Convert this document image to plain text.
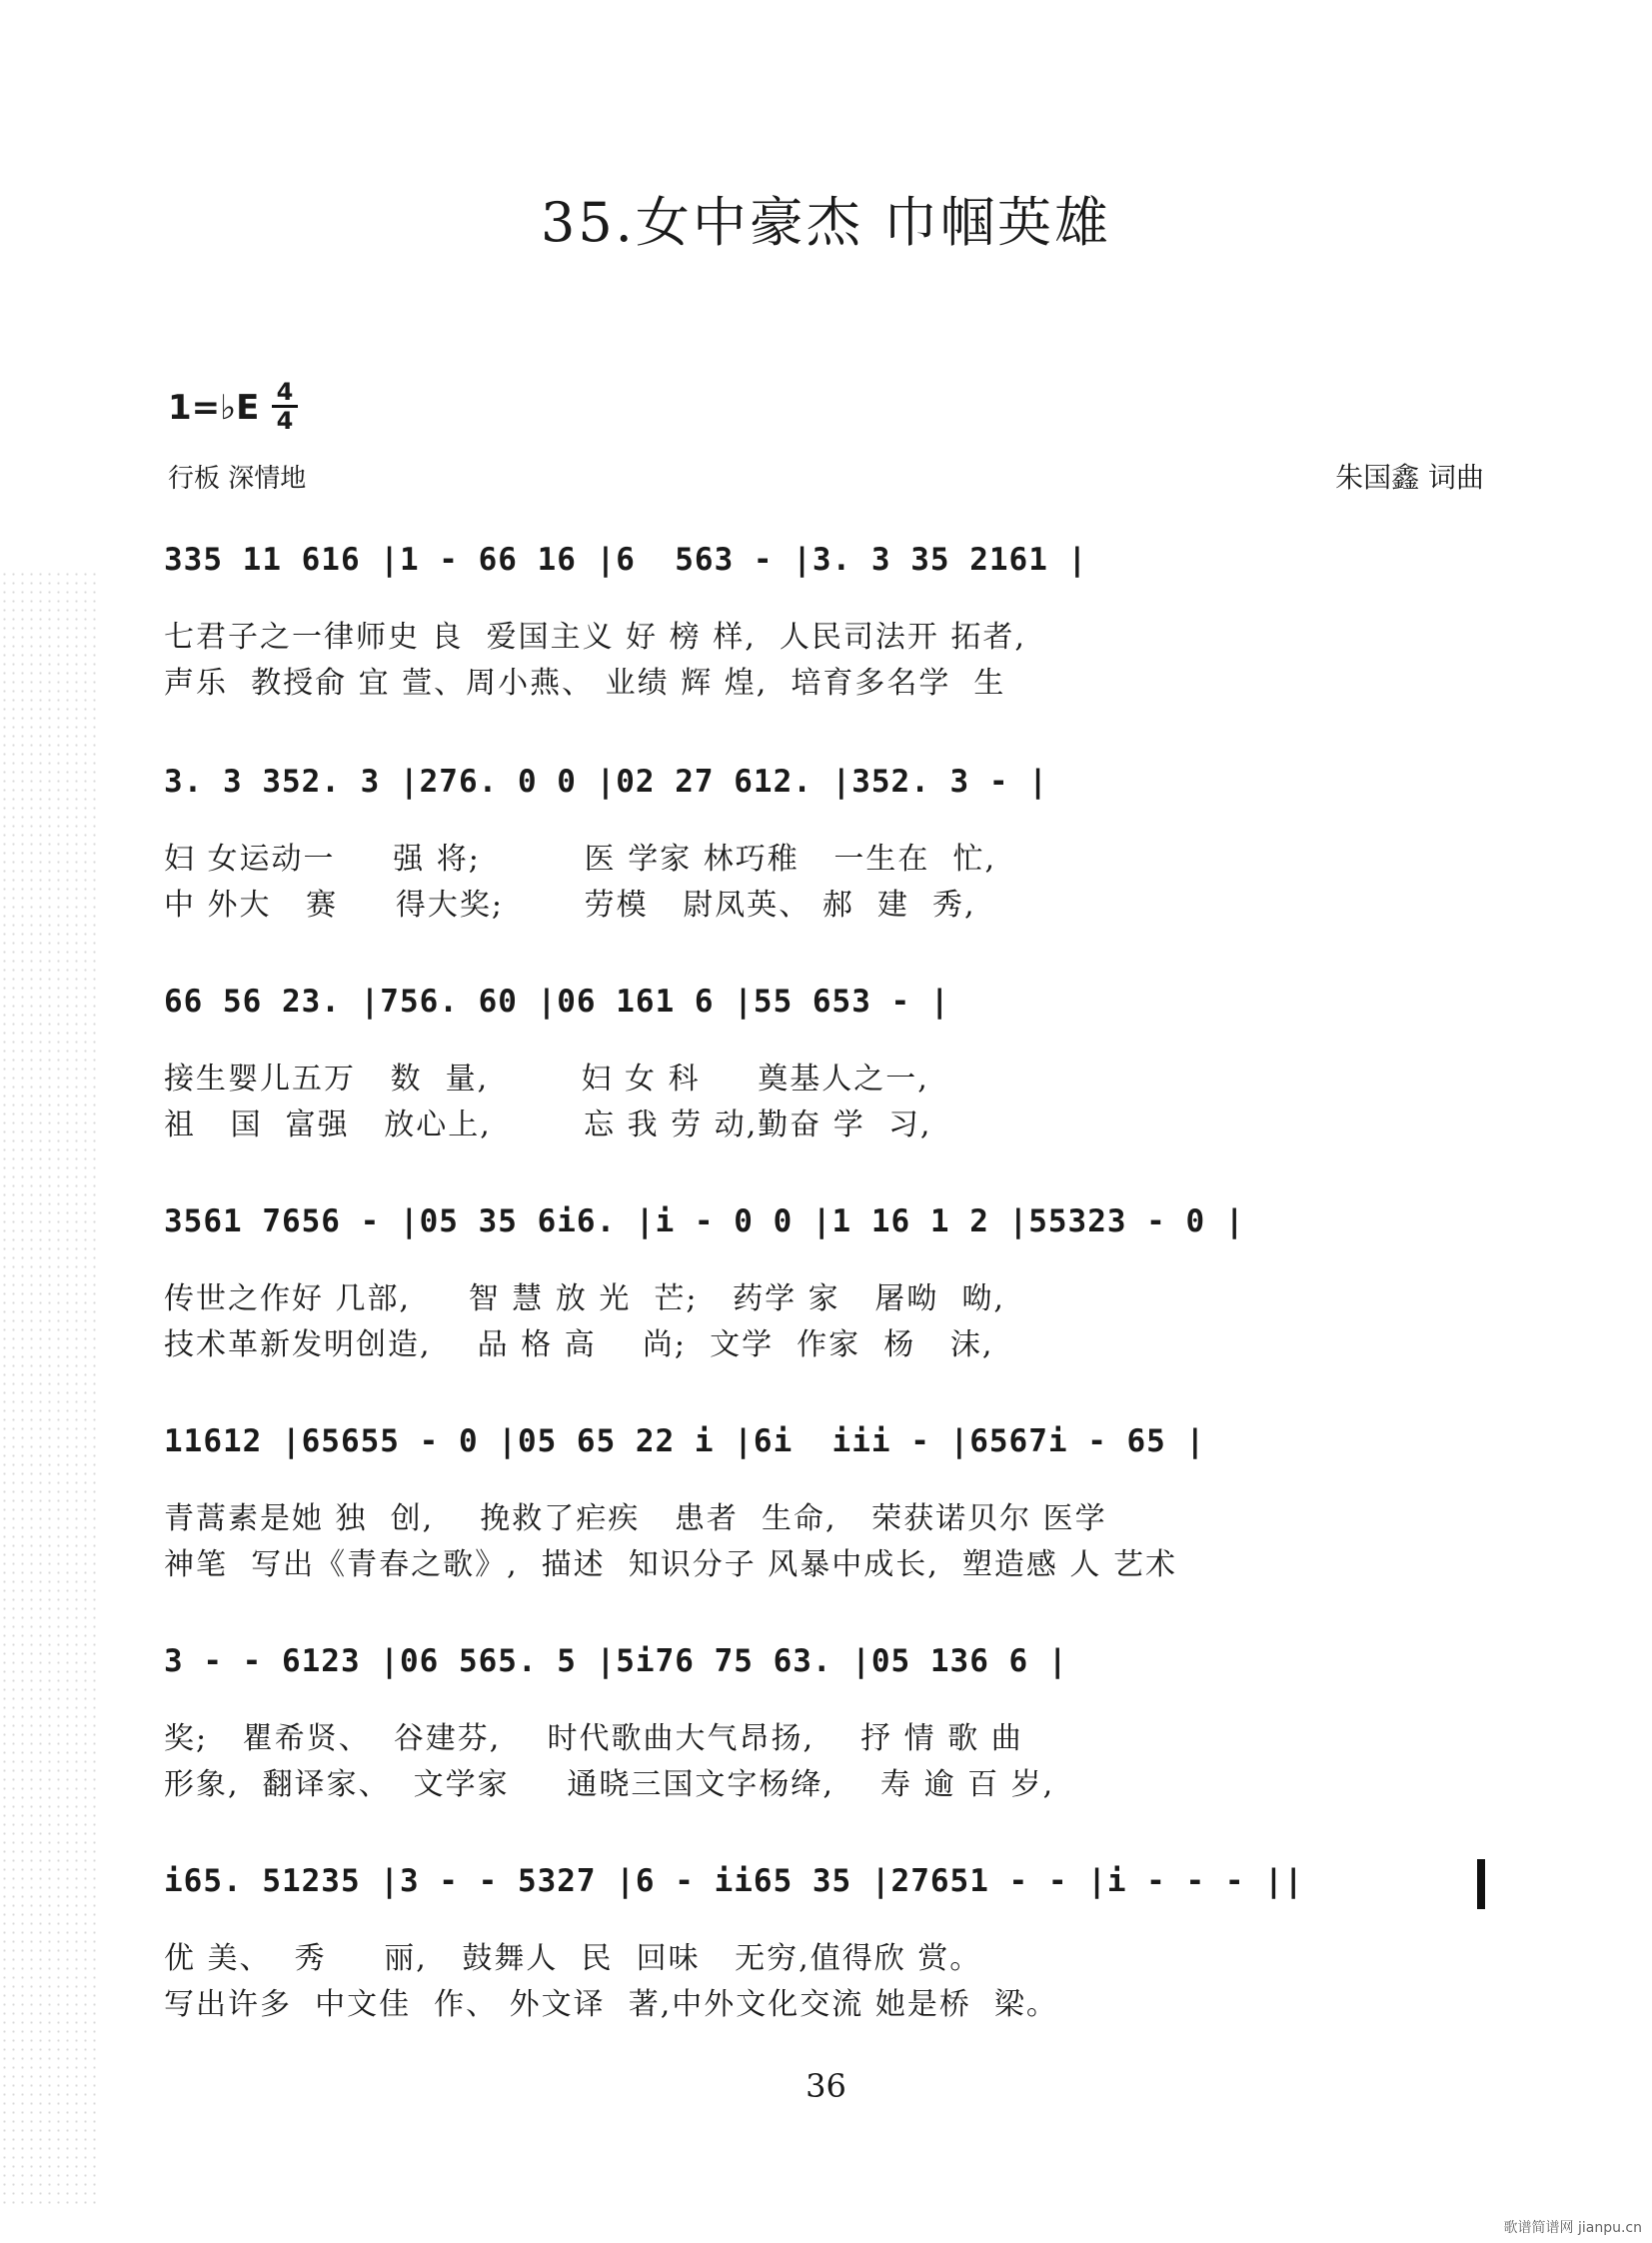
35.女中豪杰 巾帼英雄
1=♭E 4
4
行板 深情地	朱国鑫 词曲
335 11 616 |1 - 66 16 |6  563 - |3. 3 35 2161 |
七君子之一律师史 良  爱国主义 好 榜 样,  人民司法开 拓者,
声乐  教授俞 宜 萱、周小燕、 业绩 辉 煌,  培育多名学  生
3. 3 352. 3 |276. 0 0 |02 27 612. |352. 3 - |
妇 女运动一     强 将;         医 学家 林巧稚   一生在  忙,
中 外大   赛     得大奖;       劳模   尉凤英、 郝  建  秀,
66 56 23. |756. 60 |06 161 6 |55 653 - |
接生婴儿五万   数  量,        妇 女 科     奠基人之一,
祖   国  富强   放心上,        忘 我 劳 动,勤奋 学  习,
3561 7656 - |05 35 6i6. |i - 0 0 |1 16 1 2 |55323 - 0 |
传世之作好 几部,     智 慧 放 光  芒;   药学 家   屠呦  呦,
技术革新发明创造,    品 格 高    尚;  文学  作家  杨   沫,
11612 |65655 - 0 |05 65 22 i |6i  iii - |6567i - 65 |
青蒿素是她 独  创,    挽救了疟疾   患者  生命,   荣获诺贝尔 医学
神笔  写出《青春之歌》,  描述  知识分子 风暴中成长,  塑造感 人 艺术
3 - - 6123 |06 565. 5 |5i76 75 63. |05 136 6 |
奖;   瞿希贤、  谷建芬,    时代歌曲大气昂扬,    抒 情 歌 曲
形象,  翻译家、  文学家     通晓三国文字杨绛,    寿 逾 百 岁,
i65. 51235 |3 - - 5327 |6 - ii65 35 |27651 - - |i - - - ||
优 美、  秀     丽,   鼓舞人  民  回味   无穷,值得欣 赏。
写出许多  中文佳  作、 外文译  著,中外文化交流 她是桥  梁。
36
歌谱简谱网 jianpu.cn
